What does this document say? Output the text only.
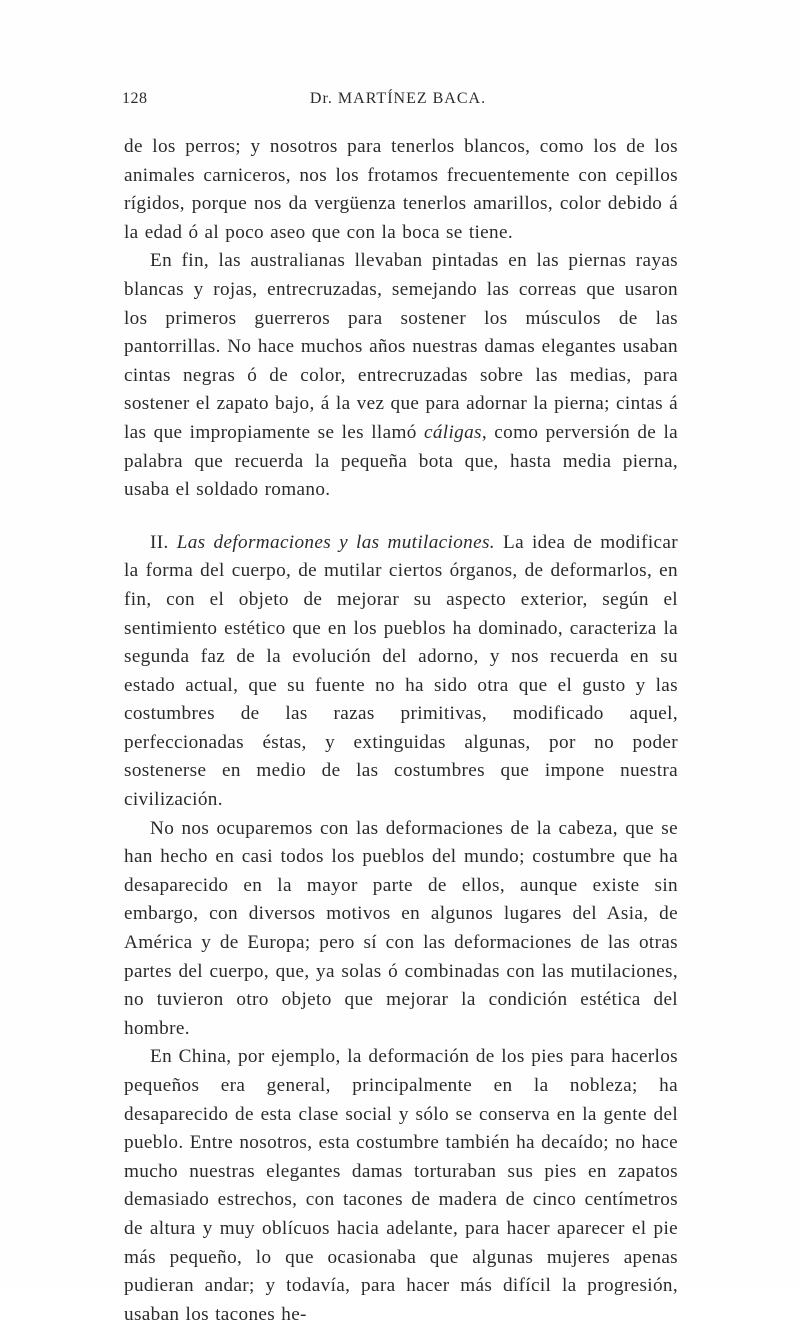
128	Dr. MARTÍNEZ BACA.

de los perros; y nosotros para tenerlos blancos, como los de los animales carniceros, nos los frotamos frecuentemente con cepillos rígidos, porque nos da vergüenza tenerlos amarillos, color debido á la edad ó al poco aseo que con la boca se tiene.

En fin, las australianas llevaban pintadas en las piernas rayas blancas y rojas, entrecruzadas, semejando las correas que usaron los primeros guerreros para sostener los músculos de las pantorrillas. No hace muchos años nuestras damas elegantes usaban cintas negras ó de color, entrecruzadas sobre las medias, para sostener el zapato bajo, á la vez que para adornar la pierna; cintas á las que impropiamente se les llamó cáligas, como perversión de la palabra que recuerda la pequeña bota que, hasta media pierna, usaba el soldado romano.

II. Las deformaciones y las mutilaciones. La idea de modificar la forma del cuerpo, de mutilar ciertos órganos, de deformarlos, en fin, con el objeto de mejorar su aspecto exterior, según el sentimiento estético que en los pueblos ha dominado, caracteriza la segunda faz de la evolución del adorno, y nos recuerda en su estado actual, que su fuente no ha sido otra que el gusto y las costumbres de las razas primitivas, modificado aquel, perfeccionadas éstas, y extinguidas algunas, por no poder sostenerse en medio de las costumbres que impone nuestra civilización.

No nos ocuparemos con las deformaciones de la cabeza, que se han hecho en casi todos los pueblos del mundo; costumbre que ha desaparecido en la mayor parte de ellos, aunque existe sin embargo, con diversos motivos en algunos lugares del Asia, de América y de Europa; pero sí con las deformaciones de las otras partes del cuerpo, que, ya solas ó combinadas con las mutilaciones, no tuvieron otro objeto que mejorar la condición estética del hombre.

En China, por ejemplo, la deformación de los pies para hacerlos pequeños era general, principalmente en la nobleza; ha desaparecido de esta clase social y sólo se conserva en la gente del pueblo. Entre nosotros, esta costumbre también ha decaído; no hace mucho nuestras elegantes damas torturaban sus pies en zapatos demasiado estrechos, con tacones de madera de cinco centímetros de altura y muy oblícuos hacia adelante, para hacer aparecer el pie más pequeño, lo que ocasionaba que algunas mujeres apenas pudieran andar; y todavía, para hacer más difícil la progresión, usaban los tacones he-
